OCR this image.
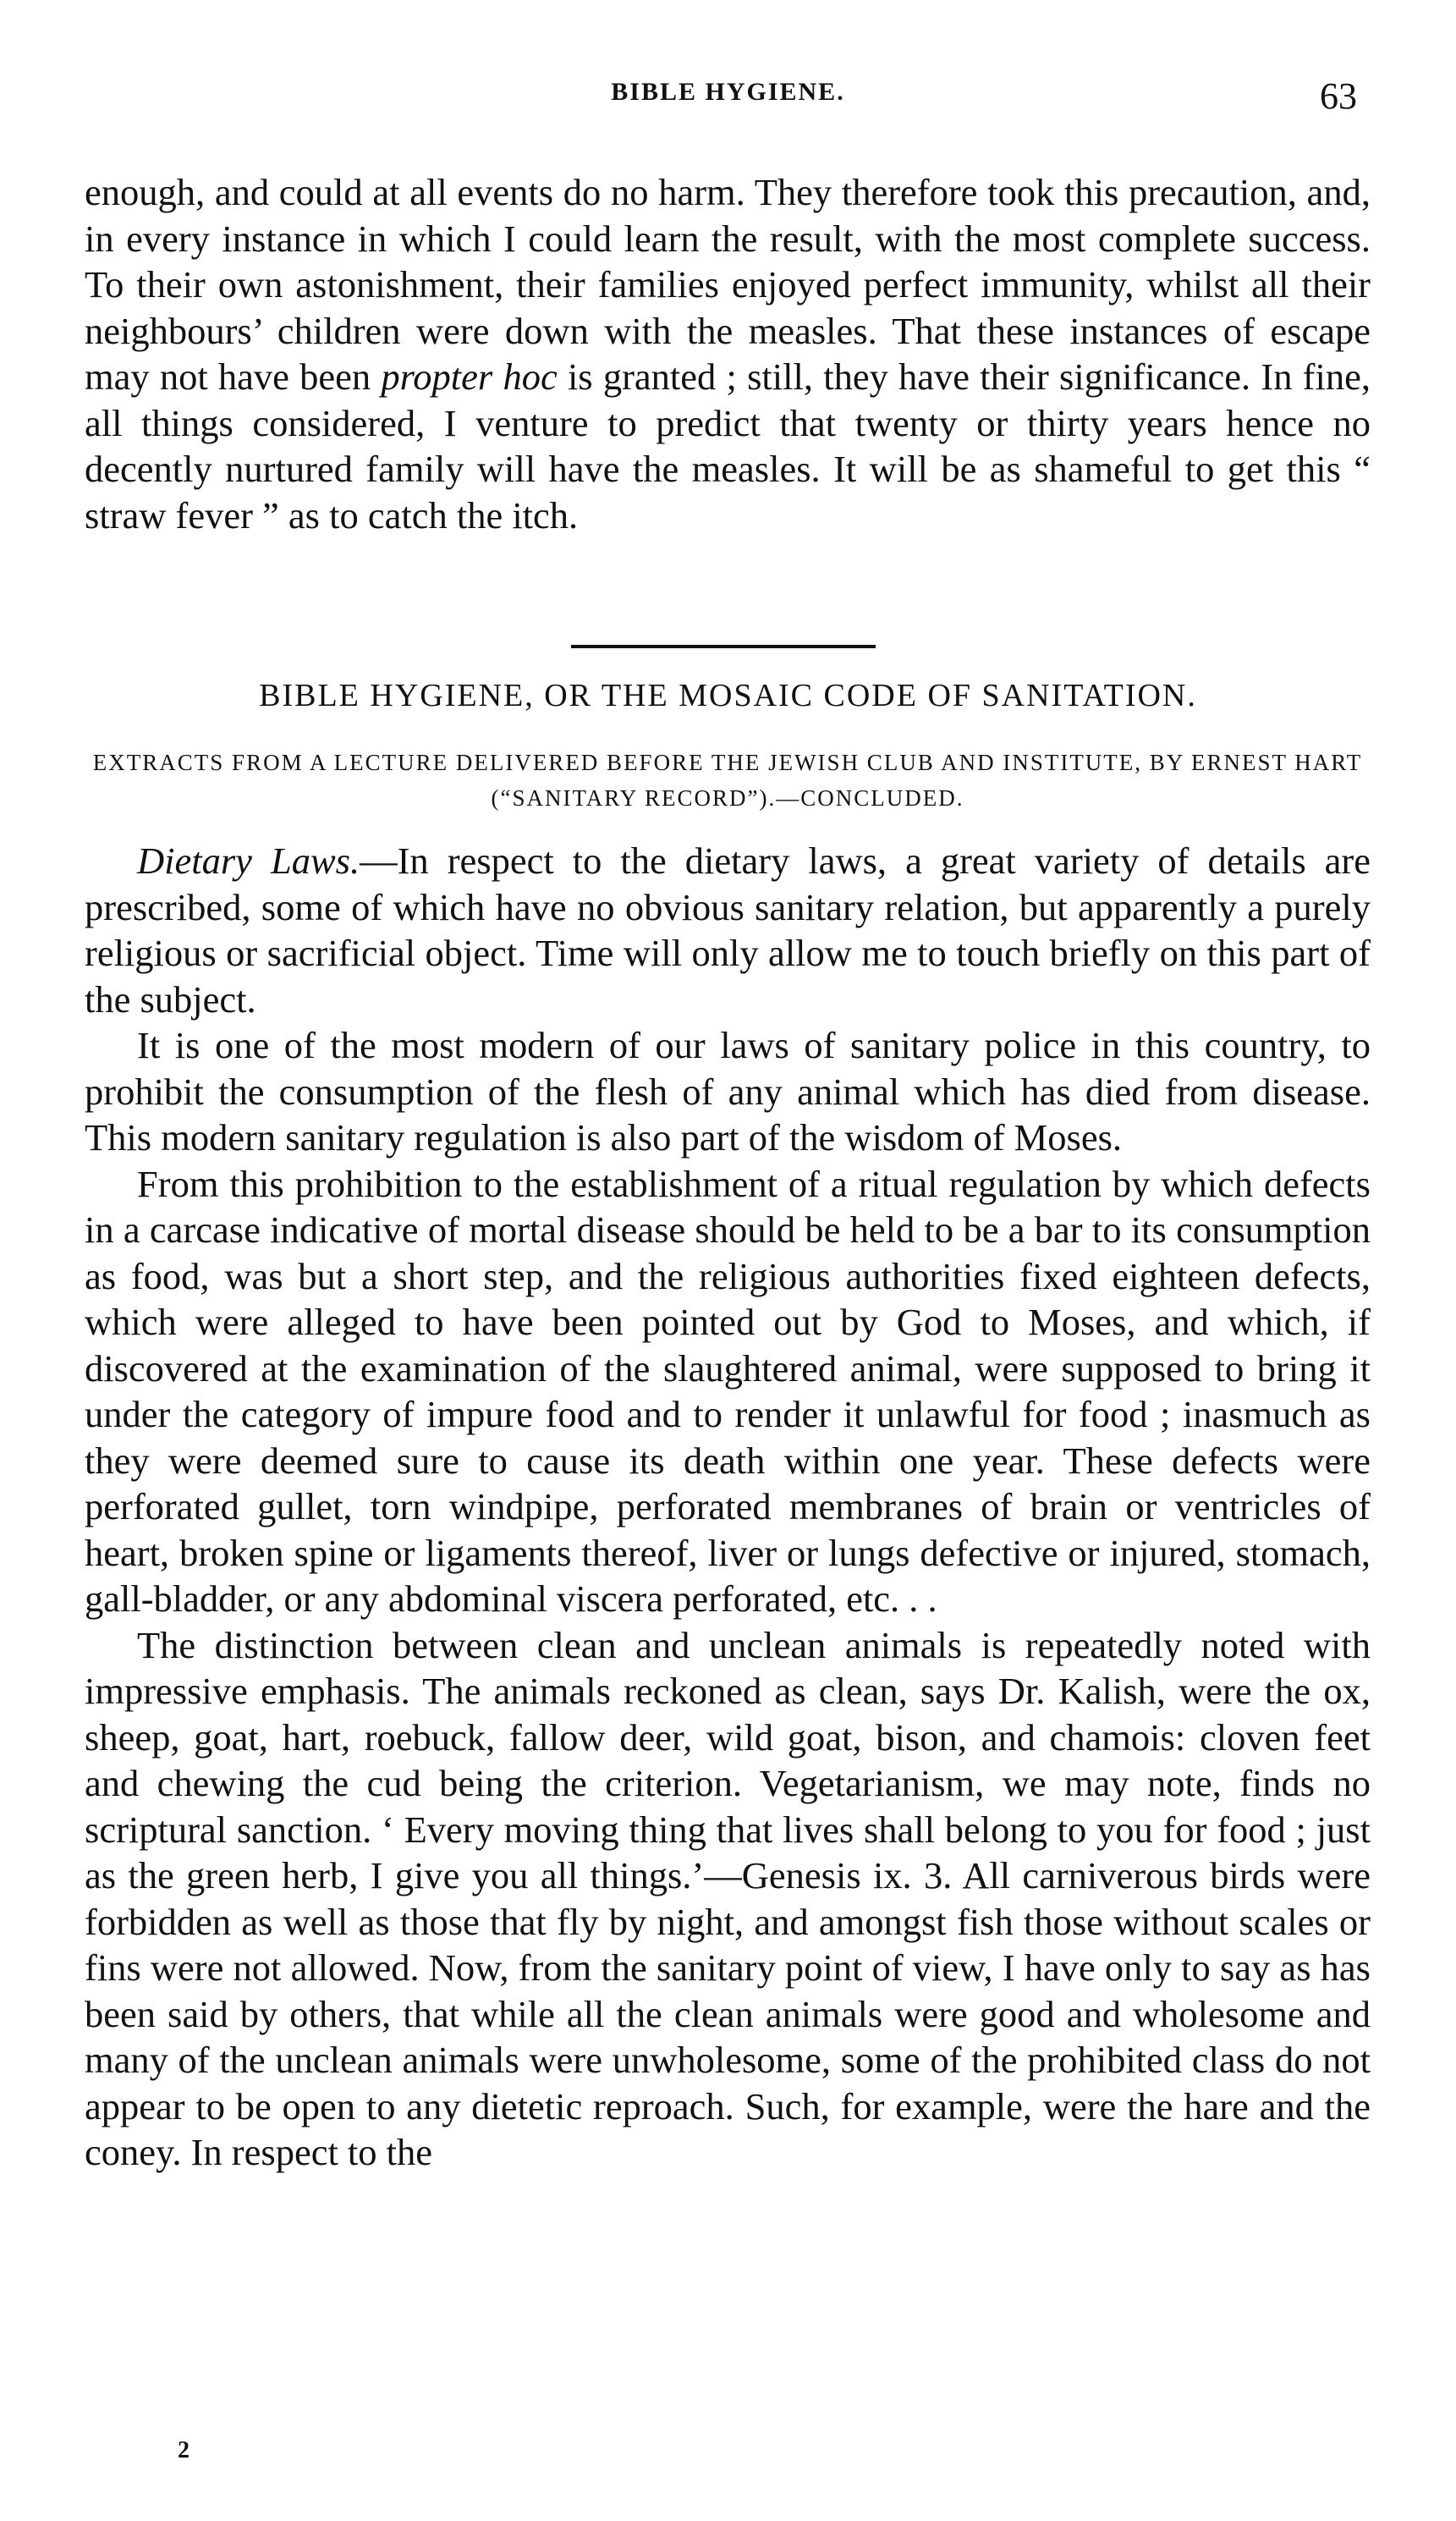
BIBLE HYGIENE.	63

enough, and could at all events do no harm. They therefore took this precaution, and, in every instance in which I could learn the result, with the most complete success. To their own astonishment, their families enjoyed perfect immunity, whilst all their neighbours’ children were down with the measles. That these instances of escape may not have been propter hoc is granted ; still, they have their significance. In fine, all things considered, I venture to predict that twenty or thirty years hence no decently nurtured family will have the measles. It will be as shameful to get this “ straw fever ” as to catch the itch.

BIBLE HYGIENE, OR THE MOSAIC CODE OF SANITATION.
EXTRACTS FROM A LECTURE DELIVERED BEFORE THE JEWISH CLUB AND INSTITUTE, BY ERNEST HART (“SANITARY RECORD”).—CONCLUDED.

Dietary Laws.—In respect to the dietary laws, a great variety of details are prescribed, some of which have no obvious sanitary relation, but apparently a purely religious or sacrificial object. Time will only allow me to touch briefly on this part of the subject.

It is one of the most modern of our laws of sanitary police in this country, to prohibit the consumption of the flesh of any animal which has died from disease. This modern sanitary regulation is also part of the wisdom of Moses.

From this prohibition to the establishment of a ritual regulation by which defects in a carcase indicative of mortal disease should be held to be a bar to its consumption as food, was but a short step, and the religious authorities fixed eighteen defects, which were alleged to have been pointed out by God to Moses, and which, if discovered at the examination of the slaughtered animal, were supposed to bring it under the category of impure food and to render it unlawful for food ; inasmuch as they were deemed sure to cause its death within one year. These defects were perforated gullet, torn windpipe, perforated membranes of brain or ventricles of heart, broken spine or ligaments thereof, liver or lungs defective or injured, stomach, gall-bladder, or any abdominal viscera perforated, etc. . .

The distinction between clean and unclean animals is repeatedly noted with impressive emphasis. The animals reckoned as clean, says Dr. Kalish, were the ox, sheep, goat, hart, roebuck, fallow deer, wild goat, bison, and chamois: cloven feet and chewing the cud being the criterion. Vegetarianism, we may note, finds no scriptural sanction. ‘ Every moving thing that lives shall belong to you for food ; just as the green herb, I give you all things.’—Genesis ix. 3. All carniverous birds were forbidden as well as those that fly by night, and amongst fish those without scales or fins were not allowed. Now, from the sanitary point of view, I have only to say as has been said by others, that while all the clean animals were good and wholesome and many of the unclean animals were unwholesome, some of the prohibited class do not appear to be open to any dietetic reproach. Such, for example, were the hare and the coney. In respect to the

2
